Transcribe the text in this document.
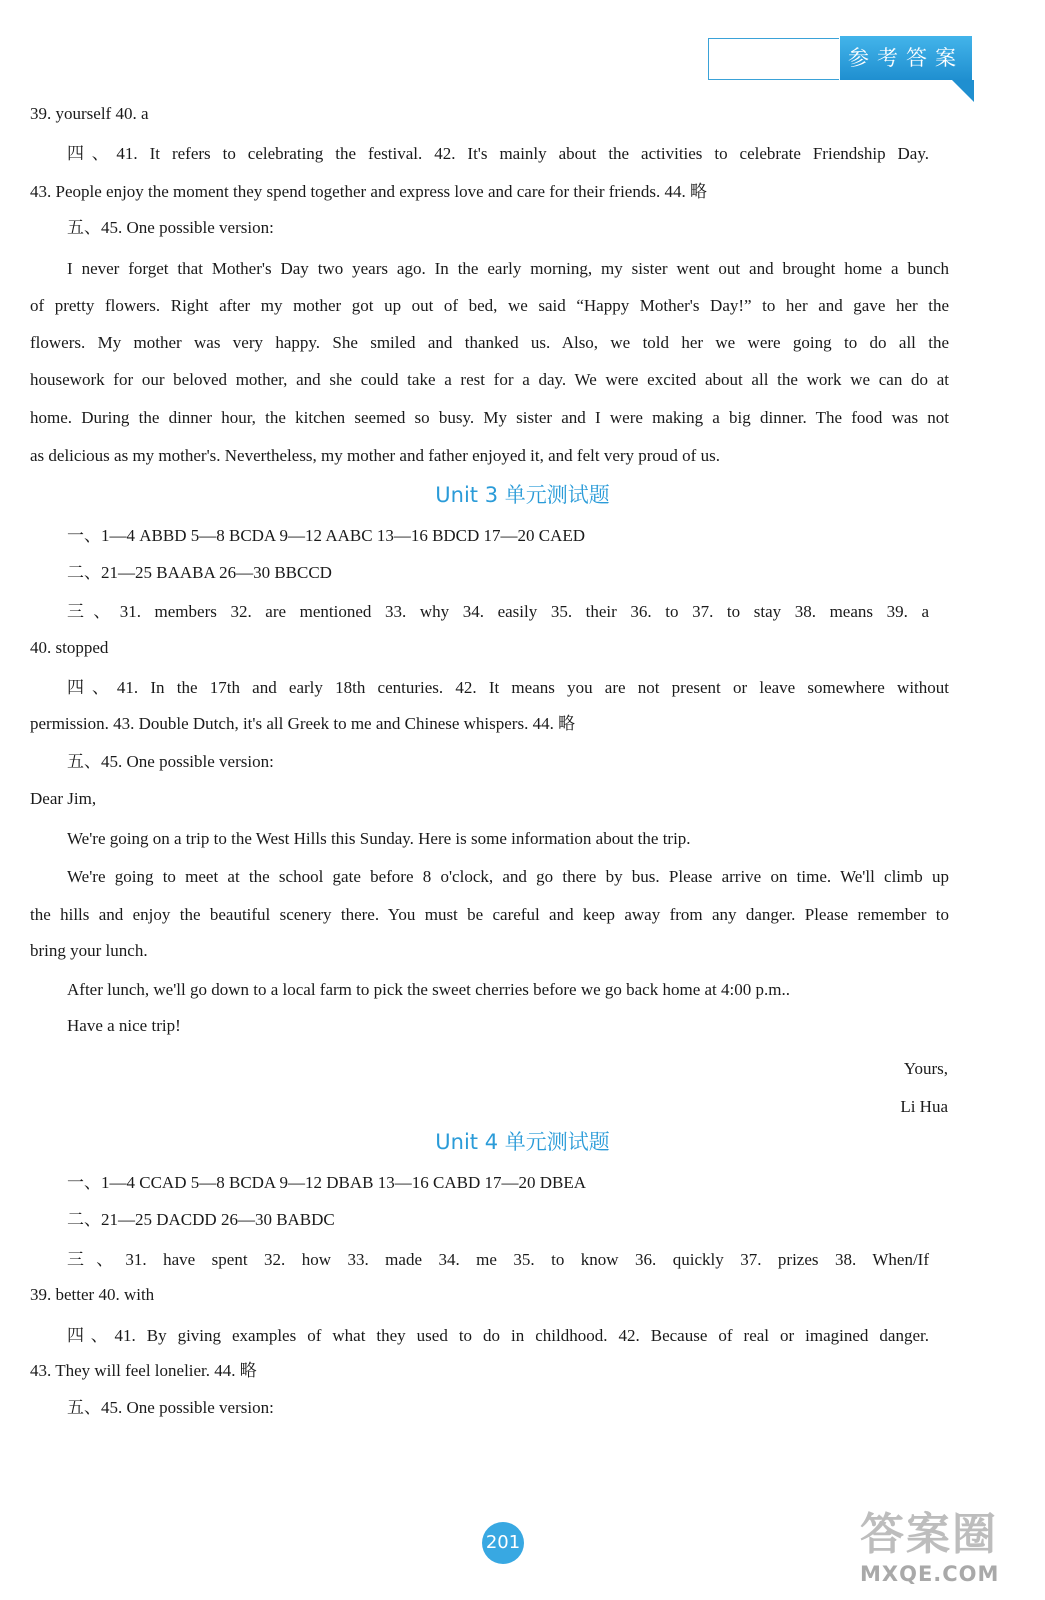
参考答案
39. yourself 40. a
四、41. It refers to celebrating the festival. 42. It's mainly about the activities to celebrate Friendship Day.
43. People enjoy the moment they spend together and express love and care for their friends. 44. 略
五、45. One possible version:
I never forget that Mother's Day two years ago. In the early morning, my sister went out and brought home a bunch
of pretty flowers. Right after my mother got up out of bed, we said “Happy Mother's Day!” to her and gave her the
flowers. My mother was very happy. She smiled and thanked us. Also, we told her we were going to do all the
housework for our beloved mother, and she could take a rest for a day. We were excited about all the work we can do at
home. During the dinner hour, the kitchen seemed so busy. My sister and I were making a big dinner. The food was not
as delicious as my mother's. Nevertheless, my mother and father enjoyed it, and felt very proud of us.
Unit 3 单元测试题
一、1—4 ABBD 5—8 BCDA 9—12 AABC 13—16 BDCD 17—20 CAED
二、21—25 BAABA 26—30 BBCCD
三、31. members 32. are mentioned 33. why 34. easily 35. their 36. to 37. to stay 38. means 39. a
40. stopped
四、41. In the 17th and early 18th centuries. 42. It means you are not present or leave somewhere without
permission. 43. Double Dutch, it's all Greek to me and Chinese whispers. 44. 略
五、45. One possible version:
Dear Jim,
We're going on a trip to the West Hills this Sunday. Here is some information about the trip.
We're going to meet at the school gate before 8 o'clock, and go there by bus. Please arrive on time. We'll climb up
the hills and enjoy the beautiful scenery there. You must be careful and keep away from any danger. Please remember to
bring your lunch.
After lunch, we'll go down to a local farm to pick the sweet cherries before we go back home at 4:00 p.m..
Have a nice trip!
Yours,
Li Hua
Unit 4 单元测试题
一、1—4 CCAD 5—8 BCDA 9—12 DBAB 13—16 CABD 17—20 DBEA
二、21—25 DACDD 26—30 BABDC
三、31. have spent 32. how 33. made 34. me 35. to know 36. quickly 37. prizes 38. When/If
39. better 40. with
四、41. By giving examples of what they used to do in childhood. 42. Because of real or imagined danger.
43. They will feel lonelier. 44. 略
五、45. One possible version:
201	答案圈
MXQE.COM
